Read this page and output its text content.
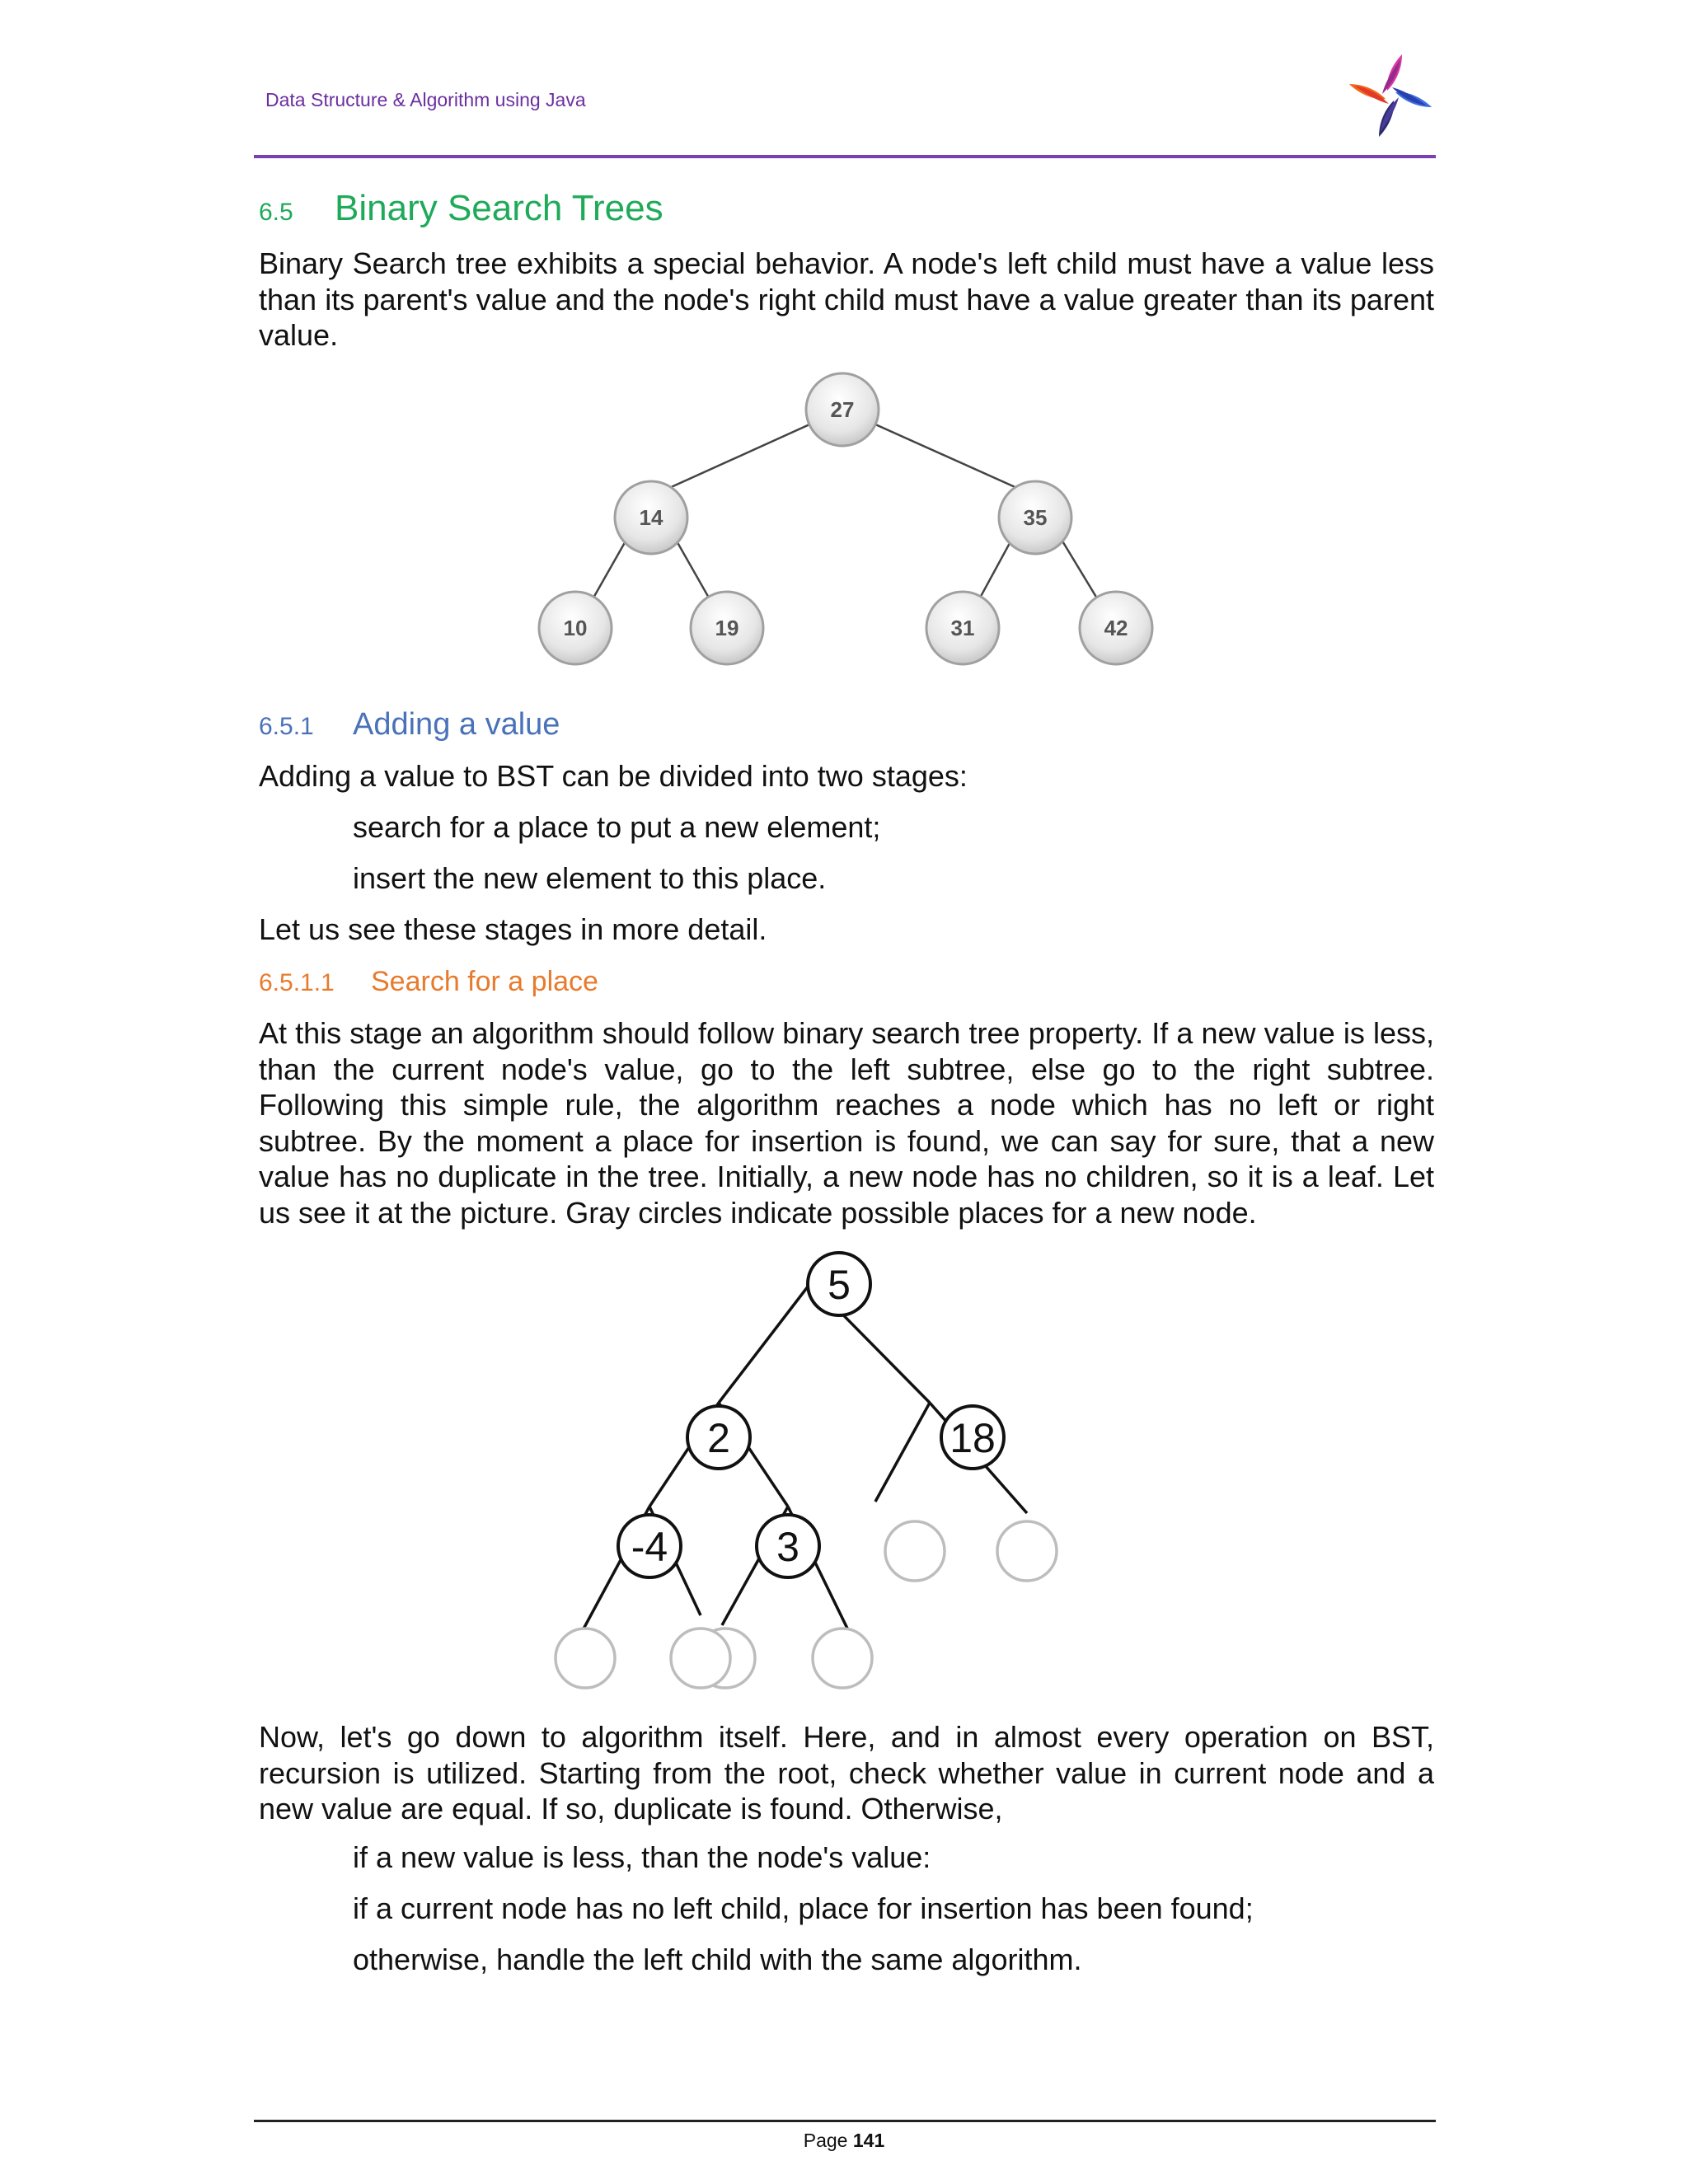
Data Structure & Algorithm using Java
6.5 Binary Search Trees
Binary Search tree exhibits a special behavior. A node's left child must have a value less than its parent's value and the node's right child must have a value greater than its parent value.
27
14	35
10	19	31	42
6.5.1 Adding a value
Adding a value to BST can be divided into two stages:
search for a place to put a new element;
insert the new element to this place.
Let us see these stages in more detail.
6.5.1.1 Search for a place
At this stage an algorithm should follow binary search tree property. If a new value is less, than the current node's value, go to the left subtree, else go to the right subtree. Following this simple rule, the algorithm reaches a node which has no left or right subtree. By the moment a place for insertion is found, we can say for sure, that a new value has no duplicate in the tree. Initially, a new node has no children, so it is a leaf. Let us see it at the picture. Gray circles indicate possible places for a new node.
5
2	18
-4	3
Now, let's go down to algorithm itself. Here, and in almost every operation on BST, recursion is utilized. Starting from the root, check whether value in current node and a new value are equal. If so, duplicate is found. Otherwise,
if a new value is less, than the node's value:
if a current node has no left child, place for insertion has been found;
otherwise, handle the left child with the same algorithm.
Page 141
